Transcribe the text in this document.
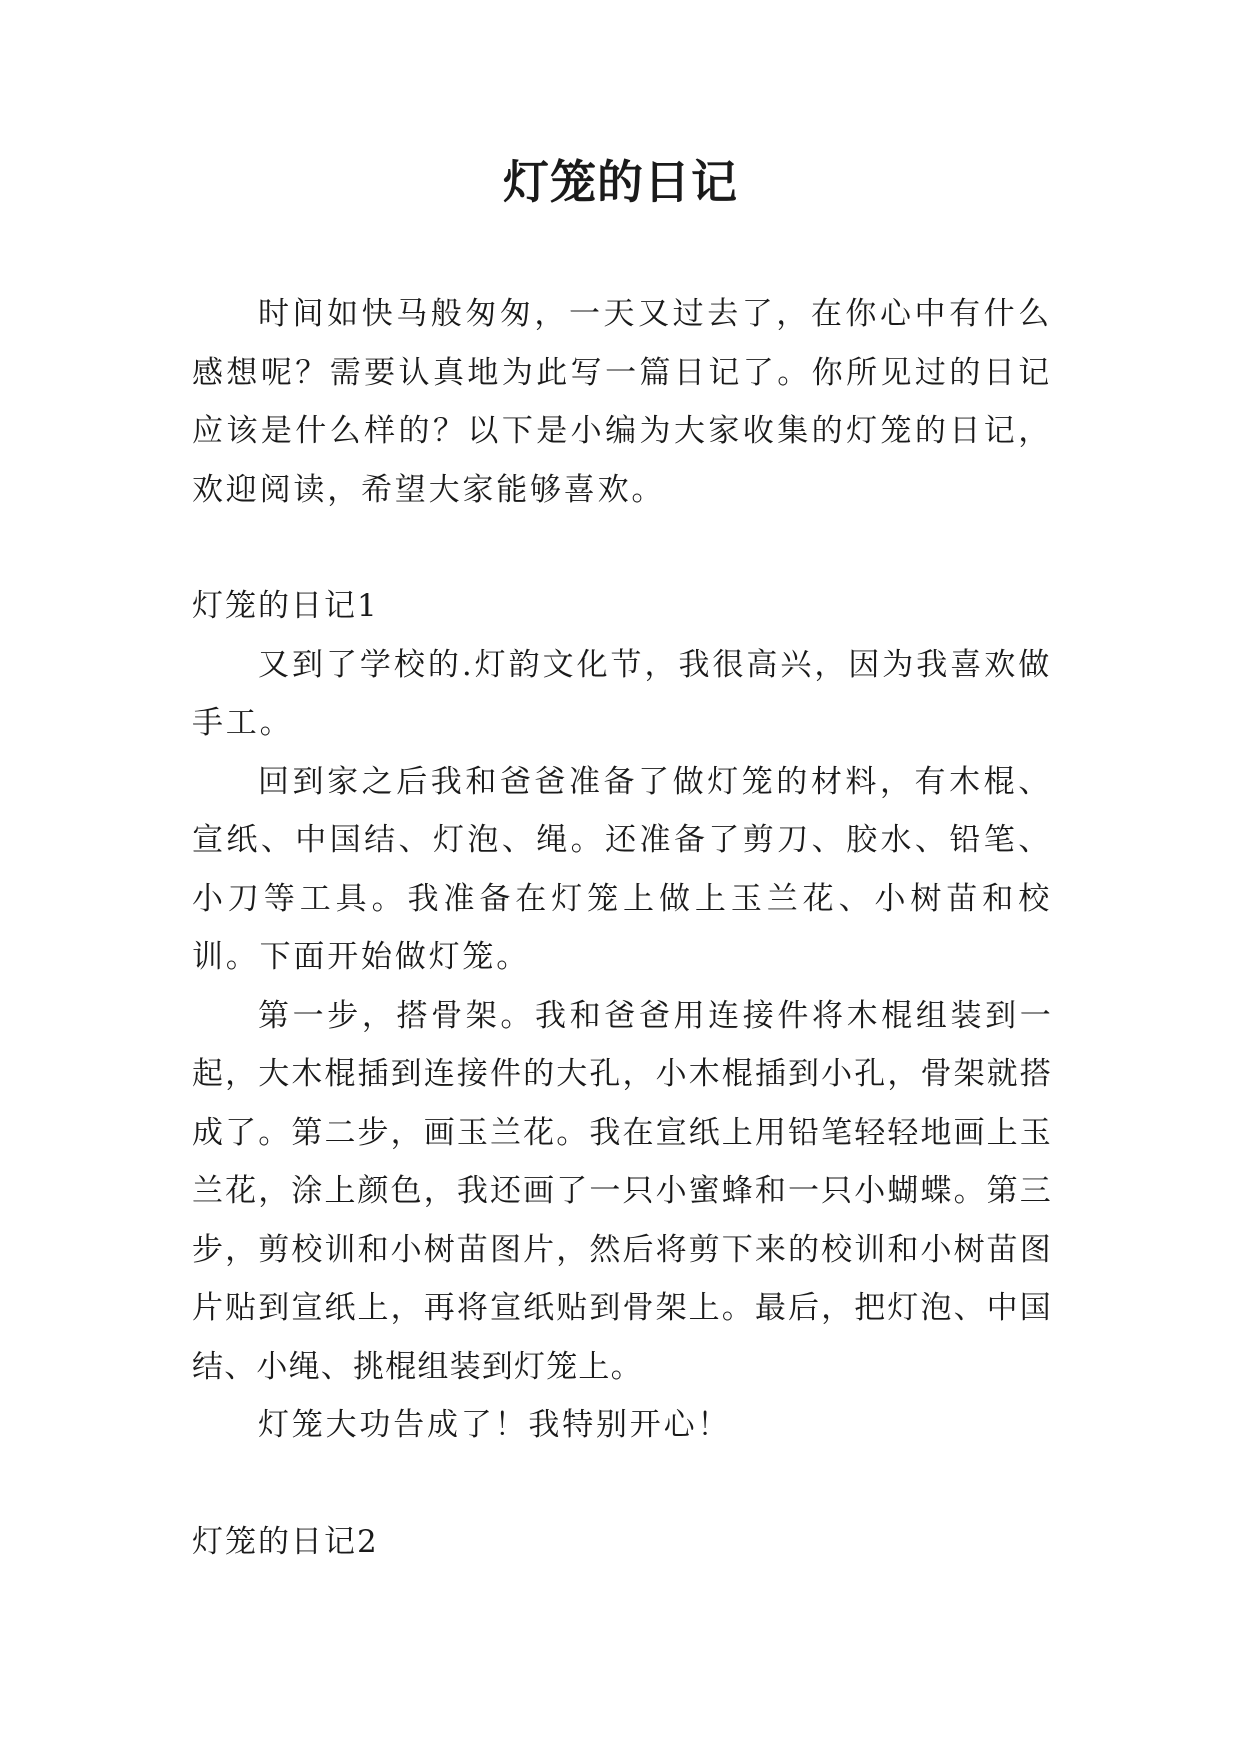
灯笼的日记

时间如快马般匆匆，一天又过去了，在你心中有什么感想呢？需要认真地为此写一篇日记了。你所见过的日记应该是什么样的？以下是小编为大家收集的灯笼的日记，欢迎阅读，希望大家能够喜欢。

灯笼的日记1

又到了学校的.灯韵文化节，我很高兴，因为我喜欢做手工。

回到家之后我和爸爸准备了做灯笼的材料，有木棍、宣纸、中国结、灯泡、绳。还准备了剪刀、胶水、铅笔、小刀等工具。我准备在灯笼上做上玉兰花、小树苗和校训。下面开始做灯笼。

第一步，搭骨架。我和爸爸用连接件将木棍组装到一起，大木棍插到连接件的大孔，小木棍插到小孔，骨架就搭成了。第二步，画玉兰花。我在宣纸上用铅笔轻轻地画上玉兰花，涂上颜色，我还画了一只小蜜蜂和一只小蝴蝶。第三步，剪校训和小树苗图片，然后将剪下来的校训和小树苗图片贴到宣纸上，再将宣纸贴到骨架上。最后，把灯泡、中国结、小绳、挑棍组装到灯笼上。

灯笼大功告成了！我特别开心！

灯笼的日记2
